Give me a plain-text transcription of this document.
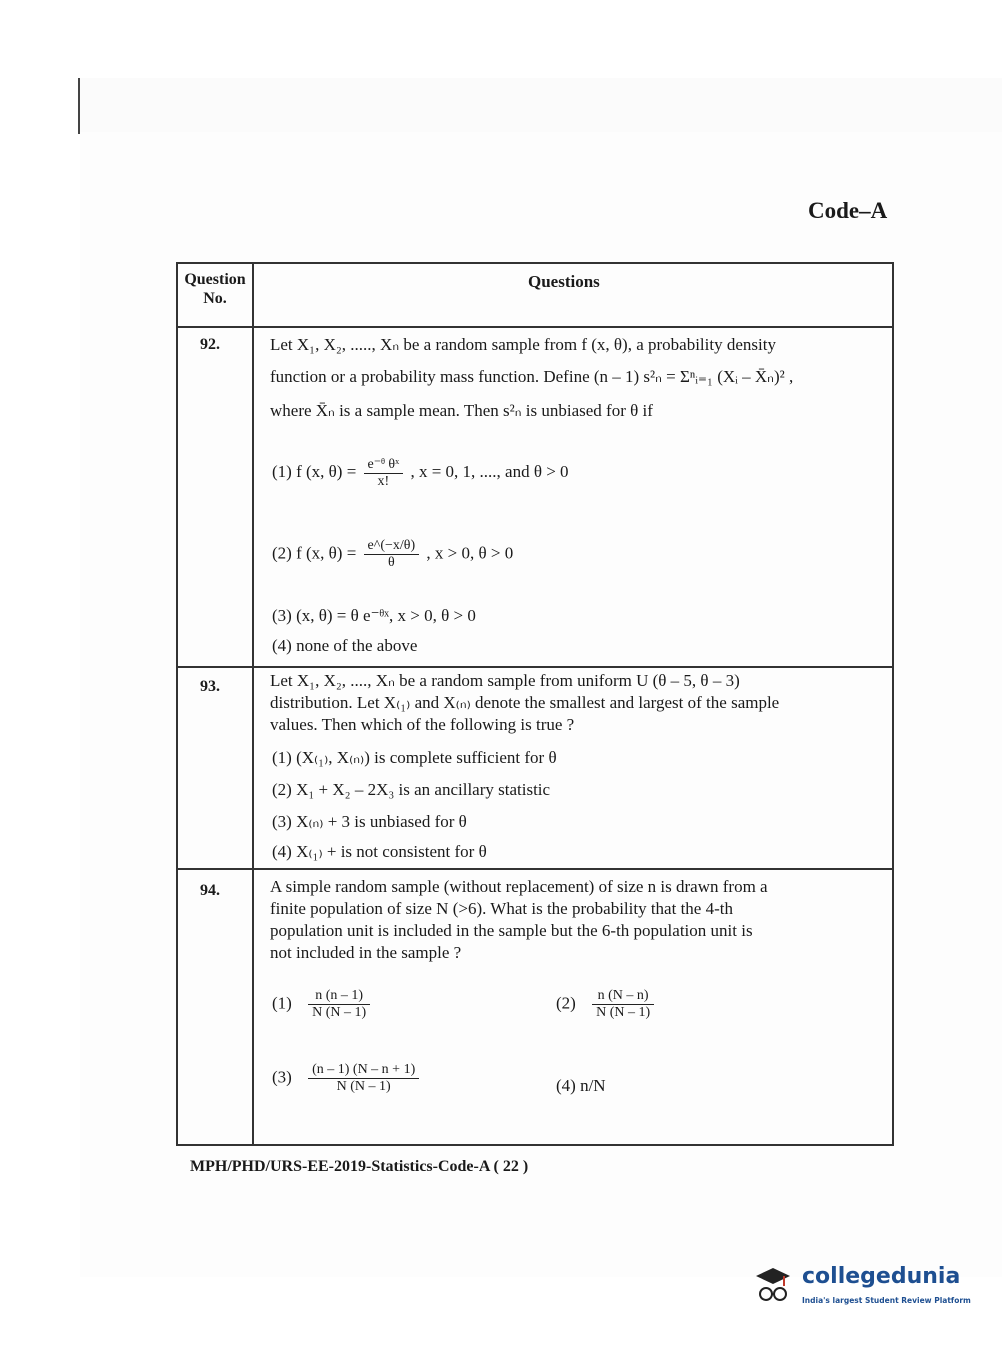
Code–A
Question No.
Questions
92.	Let X₁, X₂, ....., Xₙ be a random sample from f (x, θ), a probability density
function or a probability mass function. Define (n – 1) s²ₙ = Σⁿᵢ₌₁ (Xᵢ – X̄ₙ)² ,
where X̄ₙ is a sample mean. Then s²ₙ is unbiased for θ if
(1) f (x, $\theta) = \frac{\text{e⁻ᶿ θˣ}}{x!}$ , x = 0, 1, ...., and θ > 0
(2) f (x, $\theta) = \frac{e\^{}(-x/\theta)}{\theta}$ , x > 0, θ > 0
(3) (x, θ) = θ e⁻ᶿˣ, x > 0, θ > 0
(4) none of the above
93.	Let X₁, X₂, ...., Xₙ be a random sample from uniform U (θ – 5, θ – 3)
distribution. Let X₍₁₎ and X₍ₙ₎ denote the smallest and largest of the sample
values. Then which of the following is true ?
(1) (X₍₁₎, X₍ₙ₎) is complete sufficient for θ
(2) X₁ + X₂ – 2X₃ is an ancillary statistic
(3) X₍ₙ₎ + 3 is unbiased for θ
(4) X₍₁₎ + is not consistent for θ
94.	A simple random sample (without replacement) of size n is drawn from a
finite population of size N (>6). What is the probability that the 4-th
population unit is included in the sample but the 6-th population unit is
not included in the sample ?
$(1) \frac{n (n - 1)}{N (N - 1)}$	$(2) \frac{n (N - n)}{N (N - 1)}$
$(3) \frac{(n - 1) (N - n + 1)}{N (N - 1)}$	(4) n/N
MPH/PHD/URS-EE-2019-Statistics-Code-A ( 22 )
collegedunia
India's largest Student Review Platform
